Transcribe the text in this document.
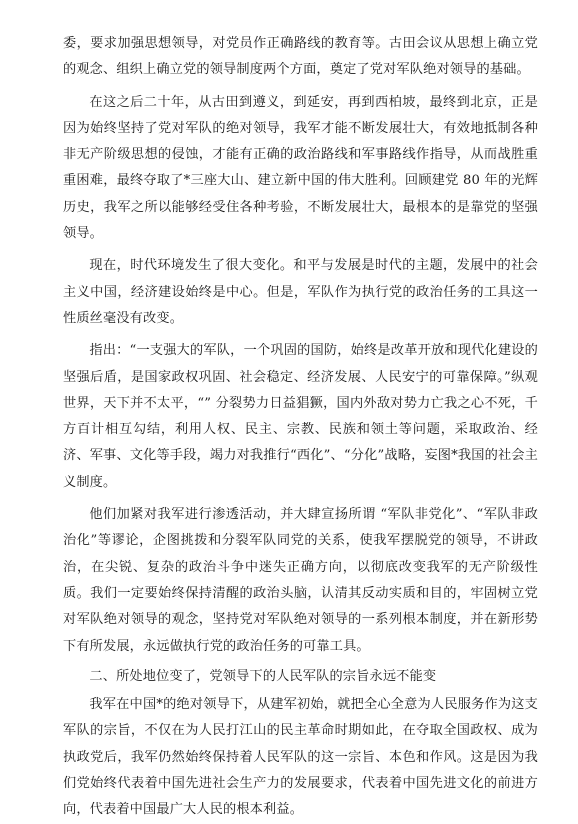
委，要求加强思想领导，对党员作正确路线的教育等。古田会议从思想上确立党的观念、组织上确立党的领导制度两个方面，奠定了党对军队绝对领导的基础。

在这之后二十年，从古田到遵义，到延安，再到西柏坡，最终到北京，正是因为始终坚持了党对军队的绝对领导，我军才能不断发展壮大，有效地抵制各种非无产阶级思想的侵蚀，才能有正确的政治路线和军事路线作指导，从而战胜重重困难，最终夺取了*三座大山、建立新中国的伟大胜利。回顾建党 80 年的光辉历史，我军之所以能够经受住各种考验，不断发展壮大，最根本的是靠党的坚强领导。

现在，时代环境发生了很大变化。和平与发展是时代的主题，发展中的社会主义中国，经济建设始终是中心。但是，军队作为执行党的政治任务的工具这一性质丝毫没有改变。

指出：“一支强大的军队，一个巩固的国防，始终是改革开放和现代化建设的坚强后盾，是国家政权巩固、社会稳定、经济发展、人民安宁的可靠保障。”纵观世界，天下并不太平，“” 分裂势力日益猖獗，国内外敌对势力亡我之心不死，千方百计相互勾结，利用人权、民主、宗教、民族和领土等问题，采取政治、经济、军事、文化等手段，竭力对我推行“西化”、“分化”战略，妄图*我国的社会主义制度。

他们加紧对我军进行渗透活动，并大肆宣扬所谓 “军队非党化”、“军队非政治化”等谬论，企图挑拨和分裂军队同党的关系，使我军摆脱党的领导，不讲政治，在尖锐、复杂的政治斗争中迷失正确方向，以彻底改变我军的无产阶级性质。我们一定要始终保持清醒的政治头脑，认清其反动实质和目的，牢固树立党对军队绝对领导的观念，坚持党对军队绝对领导的一系列根本制度，并在新形势下有所发展，永远做执行党的政治任务的可靠工具。

二、所处地位变了，党领导下的人民军队的宗旨永远不能变

我军在中国*的绝对领导下，从建军初始，就把全心全意为人民服务作为这支军队的宗旨，不仅在为人民打江山的民主革命时期如此，在夺取全国政权、成为执政党后，我军仍然始终保持着人民军队的这一宗旨、本色和作风。这是因为我们党始终代表着中国先进社会生产力的发展要求，代表着中国先进文化的前进方向，代表着中国最广大人民的根本利益。
